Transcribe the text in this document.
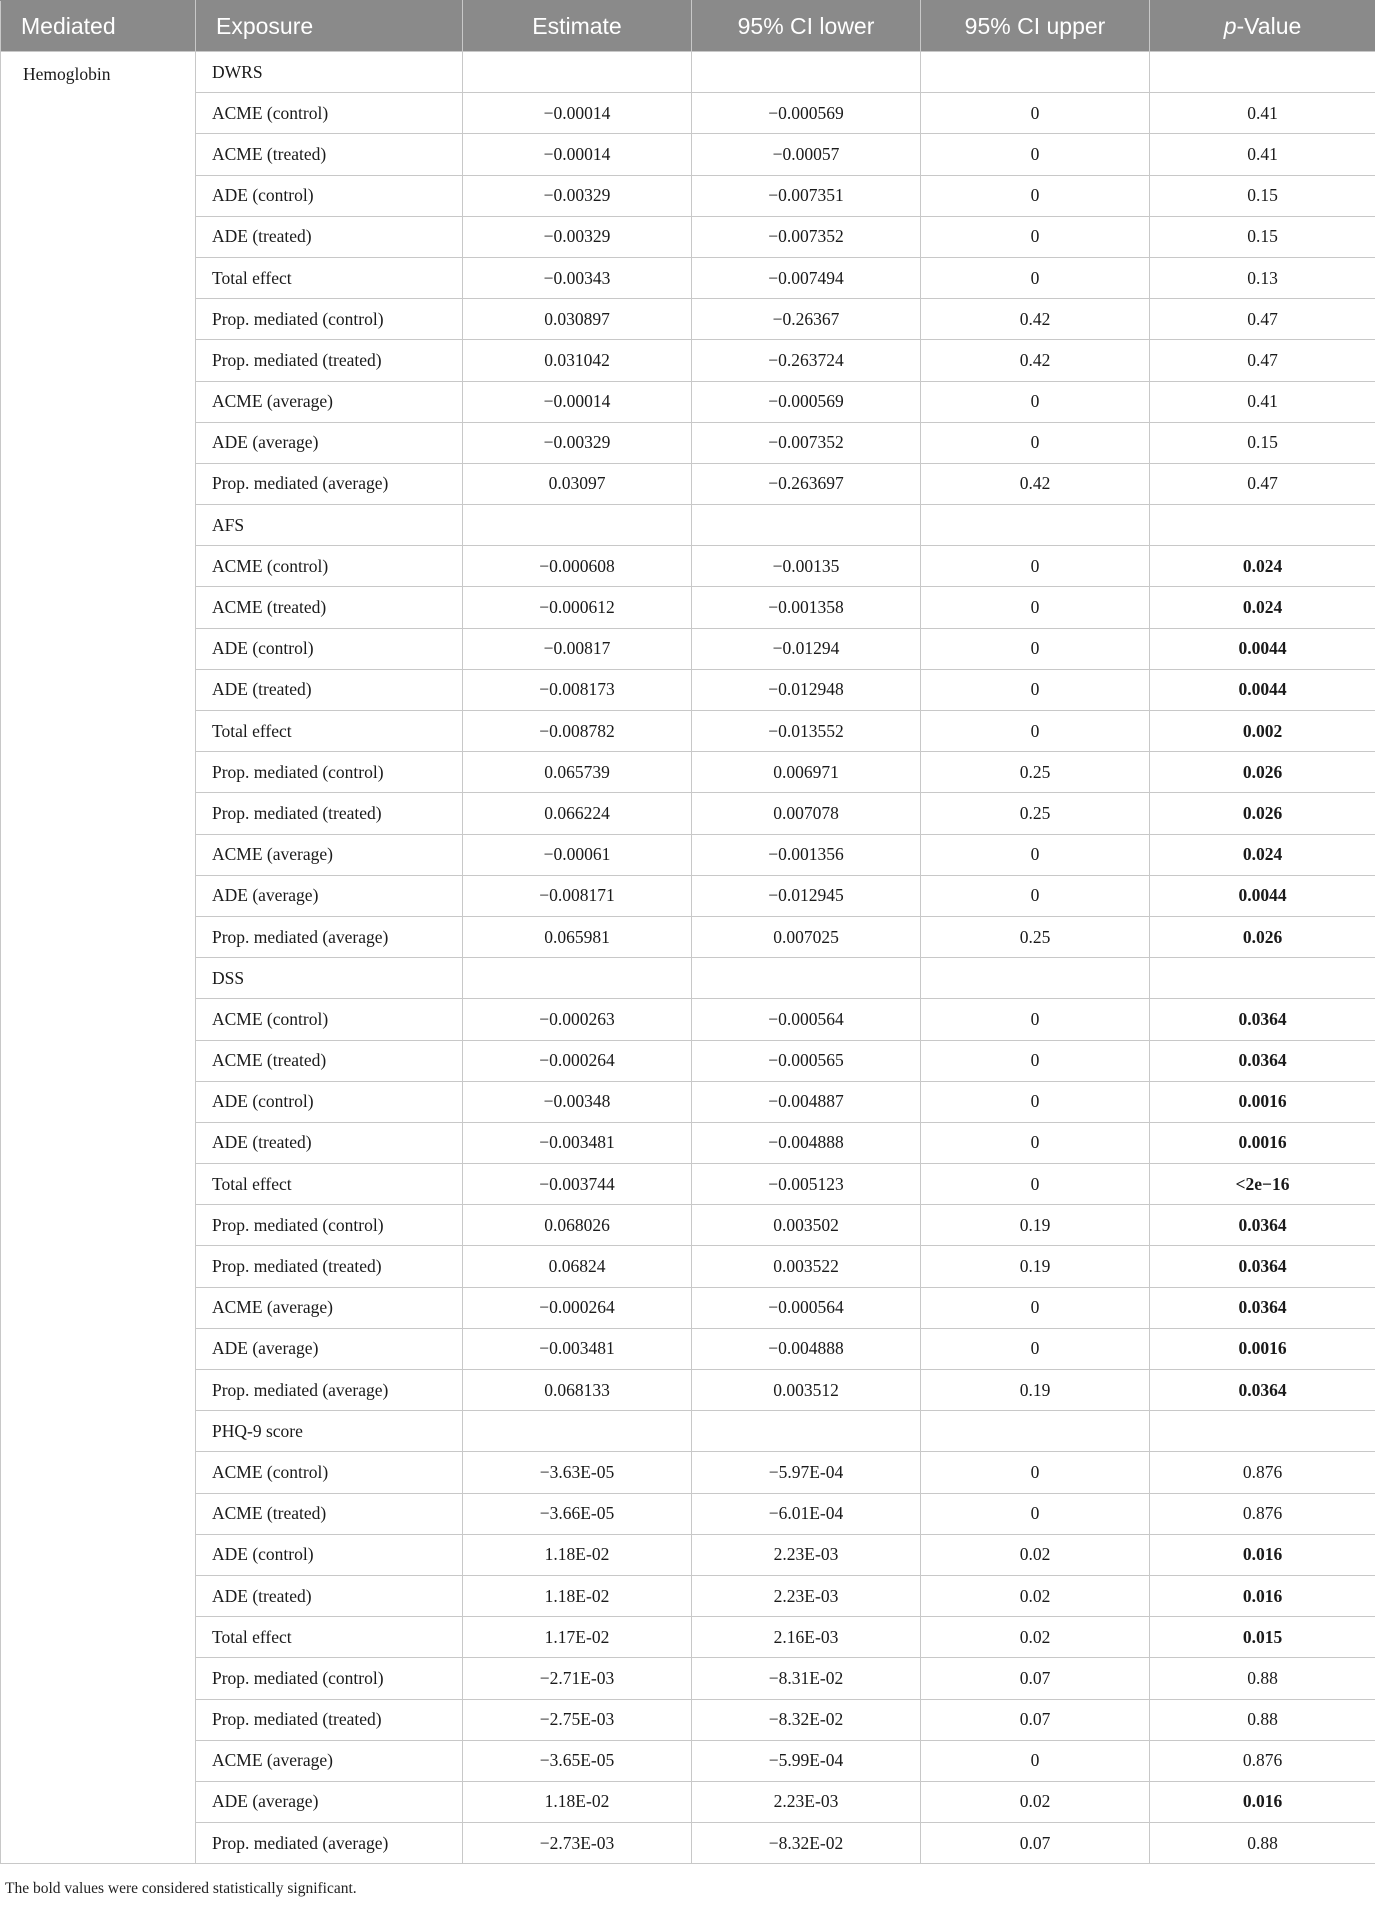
Mediated	Exposure	Estimate	95% CI lower	95% CI upper	p-Value
Hemoglobin	DWRS				
	ACME (control)	−0.00014	−0.000569	0	0.41
	ACME (treated)	−0.00014	−0.00057	0	0.41
	ADE (control)	−0.00329	−0.007351	0	0.15
	ADE (treated)	−0.00329	−0.007352	0	0.15
	Total effect	−0.00343	−0.007494	0	0.13
	Prop. mediated (control)	0.030897	−0.26367	0.42	0.47
	Prop. mediated (treated)	0.031042	−0.263724	0.42	0.47
	ACME (average)	−0.00014	−0.000569	0	0.41
	ADE (average)	−0.00329	−0.007352	0	0.15
	Prop. mediated (average)	0.03097	−0.263697	0.42	0.47
	AFS				
	ACME (control)	−0.000608	−0.00135	0	0.024
	ACME (treated)	−0.000612	−0.001358	0	0.024
	ADE (control)	−0.00817	−0.01294	0	0.0044
	ADE (treated)	−0.008173	−0.012948	0	0.0044
	Total effect	−0.008782	−0.013552	0	0.002
	Prop. mediated (control)	0.065739	0.006971	0.25	0.026
	Prop. mediated (treated)	0.066224	0.007078	0.25	0.026
	ACME (average)	−0.00061	−0.001356	0	0.024
	ADE (average)	−0.008171	−0.012945	0	0.0044
	Prop. mediated (average)	0.065981	0.007025	0.25	0.026
	DSS				
	ACME (control)	−0.000263	−0.000564	0	0.0364
	ACME (treated)	−0.000264	−0.000565	0	0.0364
	ADE (control)	−0.00348	−0.004887	0	0.0016
	ADE (treated)	−0.003481	−0.004888	0	0.0016
	Total effect	−0.003744	−0.005123	0	<2e−16
	Prop. mediated (control)	0.068026	0.003502	0.19	0.0364
	Prop. mediated (treated)	0.06824	0.003522	0.19	0.0364
	ACME (average)	−0.000264	−0.000564	0	0.0364
	ADE (average)	−0.003481	−0.004888	0	0.0016
	Prop. mediated (average)	0.068133	0.003512	0.19	0.0364
	PHQ-9 score				
	ACME (control)	−3.63E-05	−5.97E-04	0	0.876
	ACME (treated)	−3.66E-05	−6.01E-04	0	0.876
	ADE (control)	1.18E-02	2.23E-03	0.02	0.016
	ADE (treated)	1.18E-02	2.23E-03	0.02	0.016
	Total effect	1.17E-02	2.16E-03	0.02	0.015
	Prop. mediated (control)	−2.71E-03	−8.31E-02	0.07	0.88
	Prop. mediated (treated)	−2.75E-03	−8.32E-02	0.07	0.88
	ACME (average)	−3.65E-05	−5.99E-04	0	0.876
	ADE (average)	1.18E-02	2.23E-03	0.02	0.016
	Prop. mediated (average)	−2.73E-03	−8.32E-02	0.07	0.88
The bold values were considered statistically significant.
